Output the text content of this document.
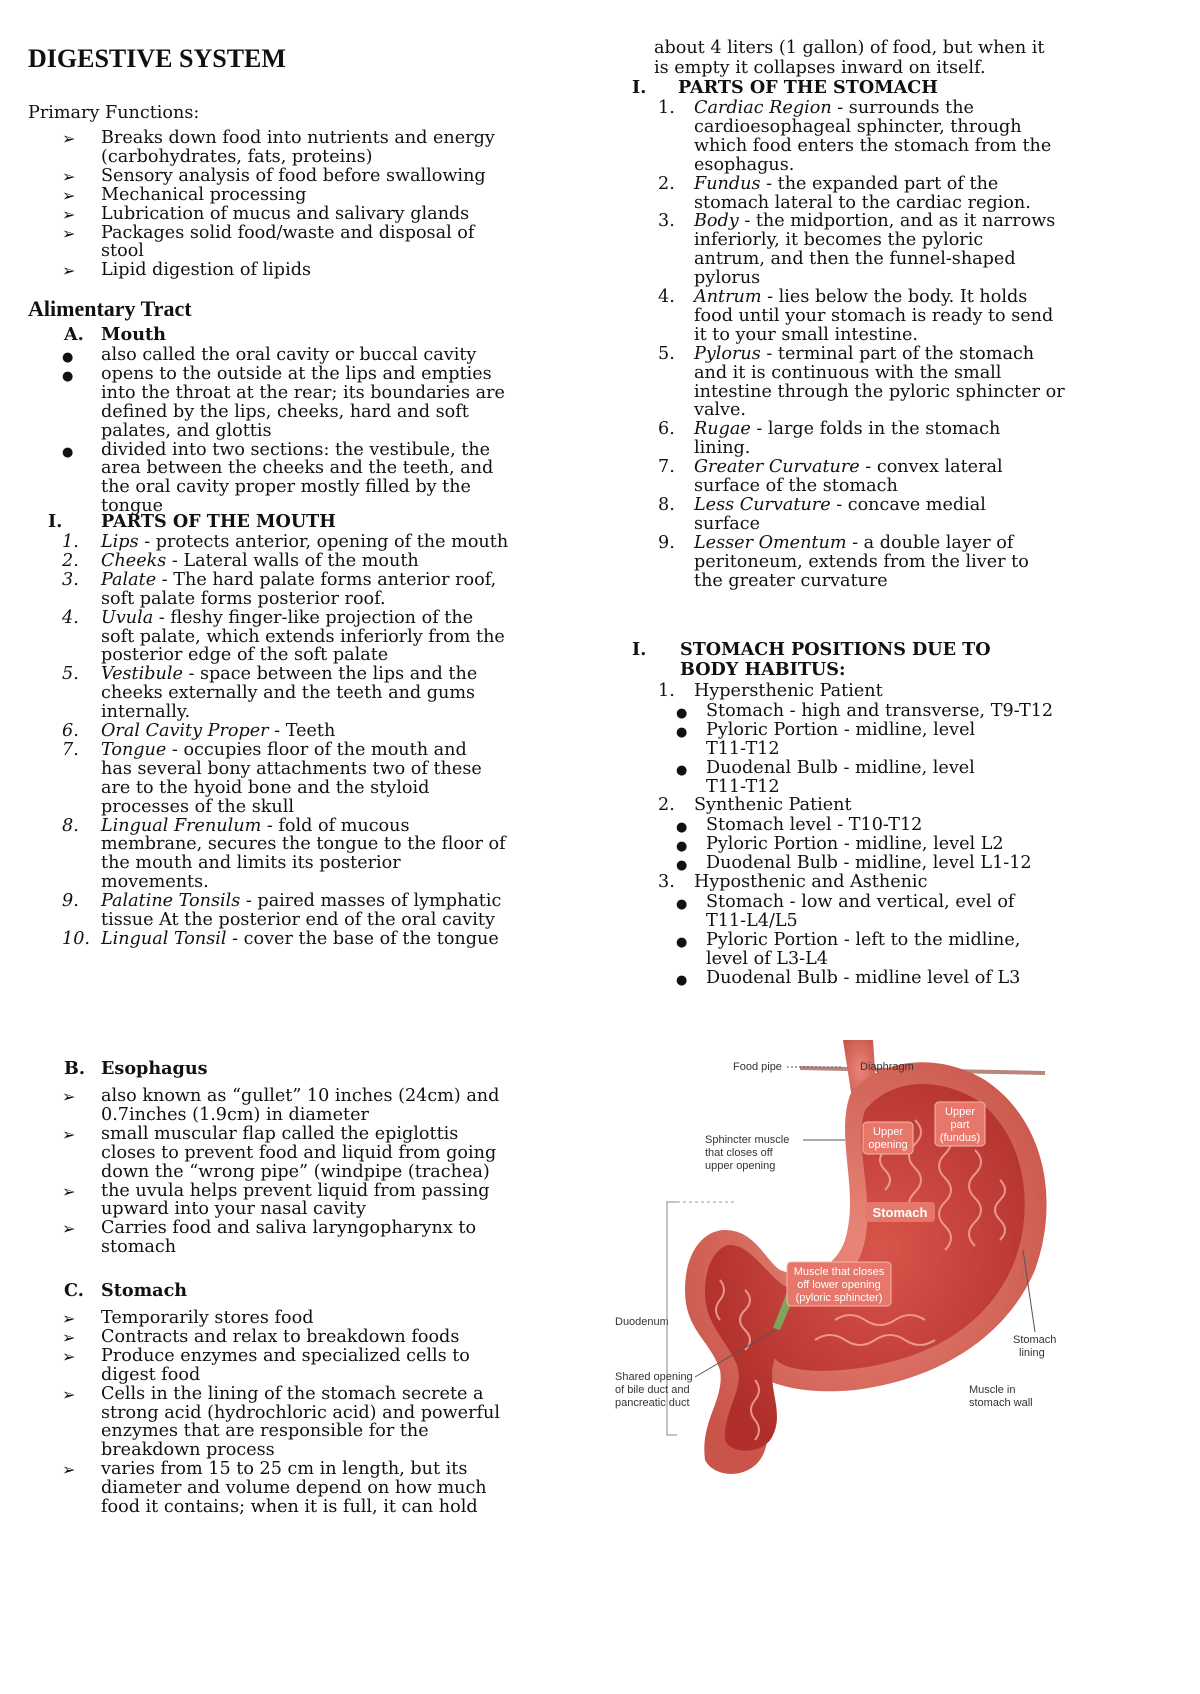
DIGESTIVE SYSTEM
Primary Functions:
➢ Breaks down food into nutrients and energy
(carbohydrates, fats, proteins)
➢ Sensory analysis of food before swallowing
➢ Mechanical processing
➢ Lubrication of mucus and salivary glands
➢ Packages solid food/waste and disposal of
stool
➢ Lipid digestion of lipids
Alimentary Tract
A. Mouth
● also called the oral cavity or buccal cavity
● opens to the outside at the lips and empties
into the throat at the rear; its boundaries are
defined by the lips, cheeks, hard and soft
palates, and glottis
● divided into two sections: the vestibule, the
area between the cheeks and the teeth, and
the oral cavity proper mostly filled by the
tongue
I. PARTS OF THE MOUTH
1. Lips - protects anterior, opening of the mouth
2. Cheeks - Lateral walls of the mouth
3. Palate - The hard palate forms anterior roof,
soft palate forms posterior roof.
4. Uvula - fleshy finger-like projection of the
soft palate, which extends inferiorly from the
posterior edge of the soft palate
5. Vestibule - space between the lips and the
cheeks externally and the teeth and gums
internally.
6. Oral Cavity Proper - Teeth
7. Tongue - occupies floor of the mouth and
has several bony attachments two of these
are to the hyoid bone and the styloid
processes of the skull
8. Lingual Frenulum - fold of mucous
membrane, secures the tongue to the floor of
the mouth and limits its posterior
movements.
9. Palatine Tonsils - paired masses of lymphatic
tissue At the posterior end of the oral cavity
10. Lingual Tonsil - cover the base of the tongue
B. Esophagus
➢ also known as “gullet” 10 inches (24cm) and
0.7inches (1.9cm) in diameter
➢ small muscular flap called the epiglottis
closes to prevent food and liquid from going
down the “wrong pipe” (windpipe (trachea)
➢ the uvula helps prevent liquid from passing
upward into your nasal cavity
➢ Carries food and saliva laryngopharynx to
stomach
C. Stomach
➢ Temporarily stores food
➢ Contracts and relax to breakdown foods
➢ Produce enzymes and specialized cells to
digest food
➢ Cells in the lining of the stomach secrete a
strong acid (hydrochloric acid) and powerful
enzymes that are responsible for the
breakdown process
➢ varies from 15 to 25 cm in length, but its
diameter and volume depend on how much
food it contains; when it is full, it can hold
about 4 liters (1 gallon) of food, but when it
is empty it collapses inward on itself.
I. PARTS OF THE STOMACH
1. Cardiac Region - surrounds the
cardioesophageal sphincter, through
which food enters the stomach from the
esophagus.
2. Fundus - the expanded part of the
stomach lateral to the cardiac region.
3. Body - the midportion, and as it narrows
inferiorly, it becomes the pyloric
antrum, and then the funnel-shaped
pylorus
4. Antrum - lies below the body. It holds
food until your stomach is ready to send
it to your small intestine.
5. Pylorus - terminal part of the stomach
and it is continuous with the small
intestine through the pyloric sphincter or
valve.
6. Rugae - large folds in the stomach
lining.
7. Greater Curvature - convex lateral
surface of the stomach
8. Less Curvature - concave medial
surface
9. Lesser Omentum - a double layer of
peritoneum, extends from the liver to
the greater curvature
I. STOMACH POSITIONS DUE TO
BODY HABITUS:
1. Hypersthenic Patient
● Stomach - high and transverse, T9-T12
● Pyloric Portion - midline, level
T11-T12
● Duodenal Bulb - midline, level
T11-T12
2. Synthenic Patient
● Stomach level - T10-T12
● Pyloric Portion - midline, level L2
● Duodenal Bulb - midline, level L1-12
3. Hyposthenic and Asthenic
● Stomach - low and vertical, evel of
T11-L4/L5
● Pyloric Portion - left to the midline,
level of L3-L4
● Duodenal Bulb - midline level of L3
Food pipe	Diaphragm
Upper
part
(fundus)
Upper
opening
Sphincter muscle
that closes off
upper opening
Stomach
Muscle that closes
off lower opening
(pyloric sphincter)
Duodenum
Stomach
lining
Shared opening
of bile duct and
pancreatic duct
Muscle in
stomach wall
